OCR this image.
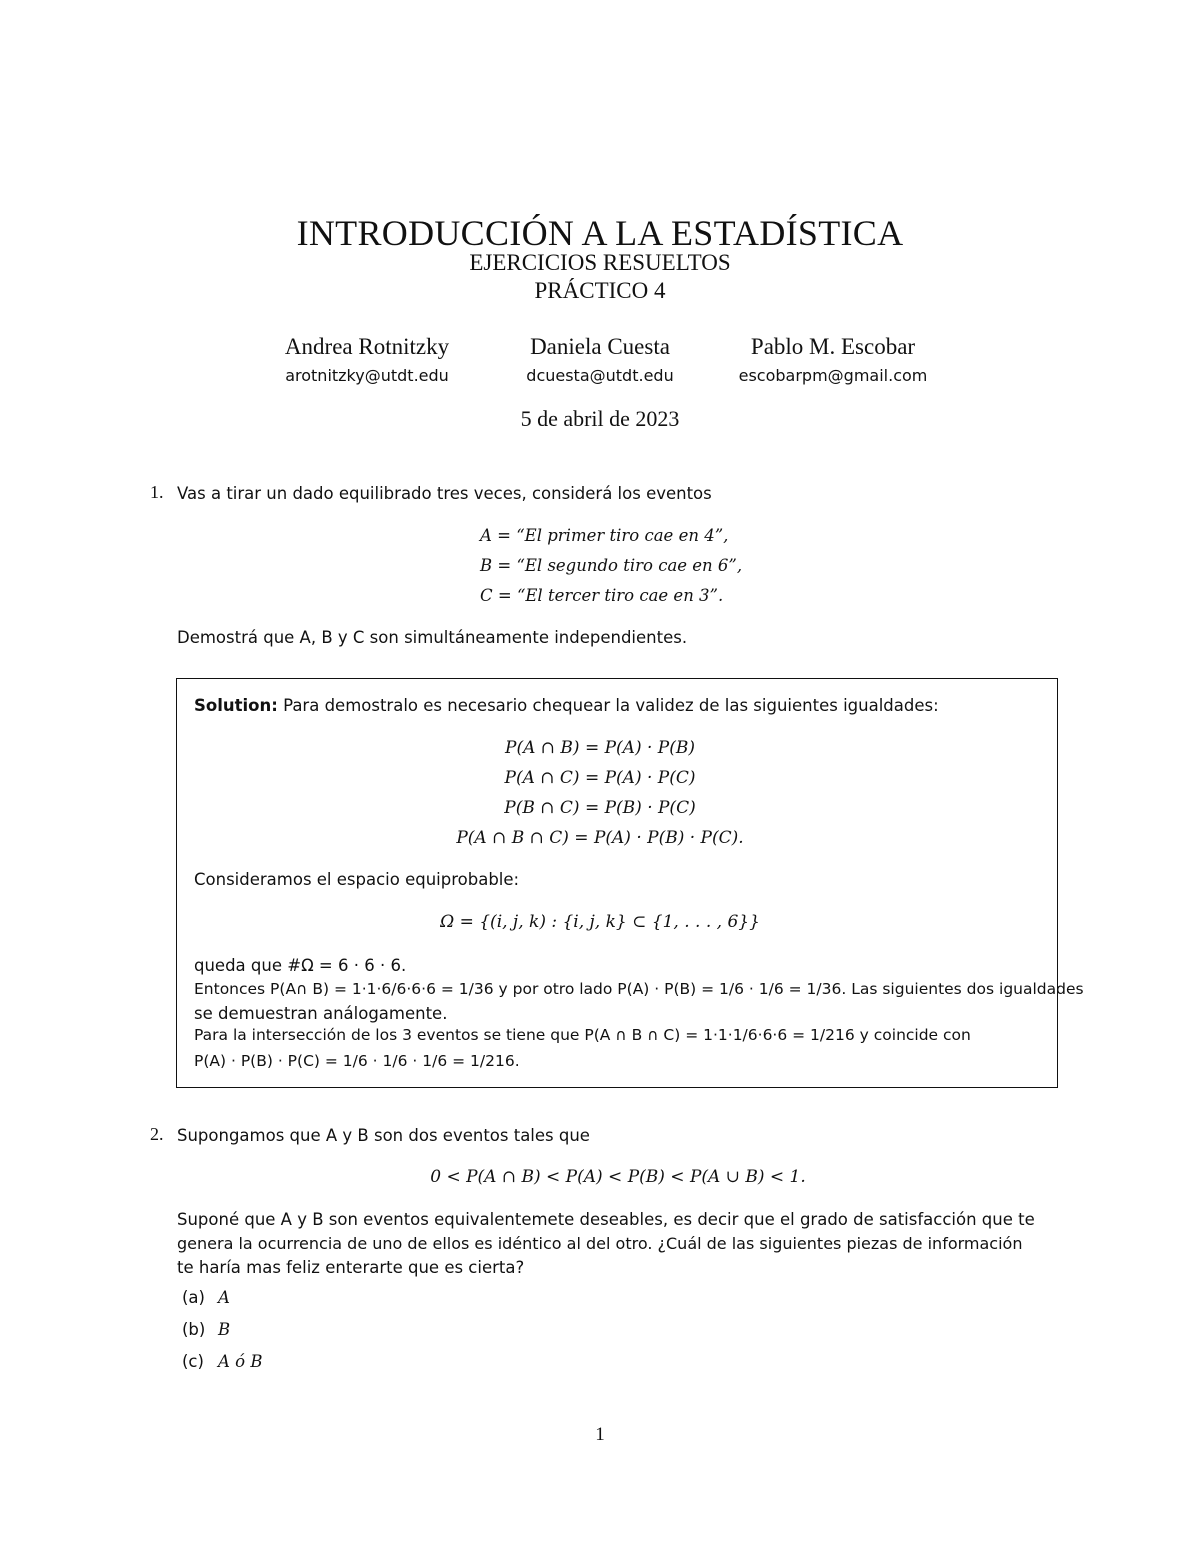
INTRODUCCIÓN A LA ESTADÍSTICA
EJERCICIOS RESUELTOS
PRÁCTICO 4
Andrea Rotnitzky	Daniela Cuesta	Pablo M. Escobar
arotnitzky@utdt.edu	dcuesta@utdt.edu	escobarpm@gmail.com
5 de abril de 2023
1. Vas a tirar un dado equilibrado tres veces, considerá los eventos
A = “El primer tiro cae en 4”,
B = “El segundo tiro cae en 6”,
C = “El tercer tiro cae en 3”.
Demostrá que A, B y C son simultáneamente independientes.
Solution: Para demostralo es necesario chequear la validez de las siguientes igualdades:
P(A ∩ B) = P(A) · P(B)
P(A ∩ C) = P(A) · P(C)
P(B ∩ C) = P(B) · P(C)
P(A ∩ B ∩ C) = P(A) · P(B) · P(C).
Consideramos el espacio equiprobable:
Ω = {(i, j, k) : {i, j, k} ⊂ {1, . . . , 6}}
queda que #Ω = 6 · 6 · 6.
Entonces P(A∩ B) = 1·1·6/6·6·6 = 1/36 y por otro lado P(A) · P(B) = 1/6 · 1/6 = 1/36. Las siguientes dos igualdades
se demuestran análogamente.
Para la intersección de los 3 eventos se tiene que P(A ∩ B ∩ C) = 1·1·1/6·6·6 = 1/216 y coincide con
P(A) · P(B) · P(C) = 1/6 · 1/6 · 1/6 = 1/216.
2. Supongamos que A y B son dos eventos tales que
0 < P(A ∩ B) < P(A) < P(B) < P(A ∪ B) < 1.
Suponé que A y B son eventos equivalentemete deseables, es decir que el grado de satisfacción que te
genera la ocurrencia de uno de ellos es idéntico al del otro. ¿Cuál de las siguientes piezas de información
te haría mas feliz enterarte que es cierta?
(a) A
(b) B
(c) A ó B
1
